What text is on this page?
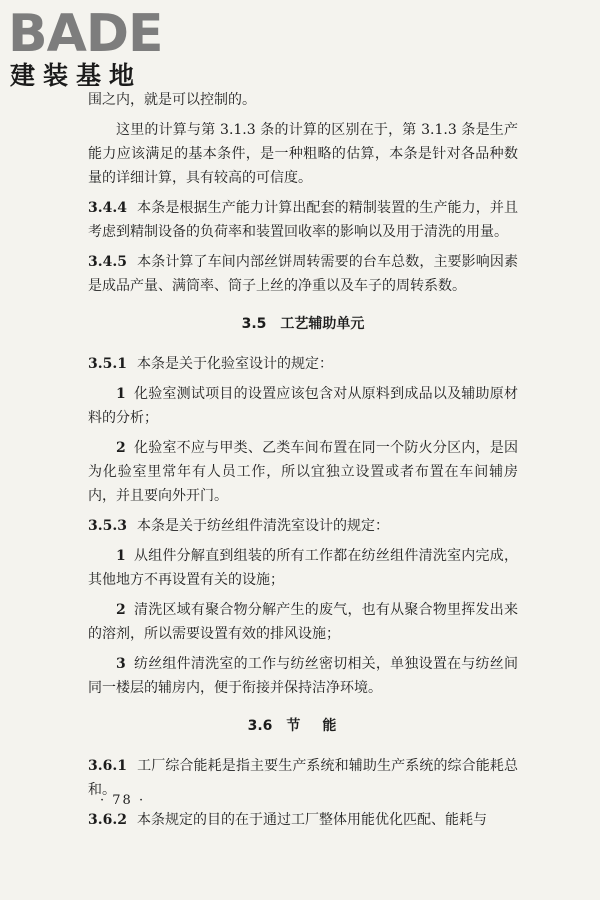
BADE
建装基地

围之内，就是可以控制的。

这里的计算与第 3.1.3 条的计算的区别在于，第 3.1.3 条是生产能力应该满足的基本条件，是一种粗略的估算，本条是针对各品种数量的详细计算，具有较高的可信度。

3.4.4 本条是根据生产能力计算出配套的精制装置的生产能力，并且考虑到精制设备的负荷率和装置回收率的影响以及用于清洗的用量。

3.4.5 本条计算了车间内部丝饼周转需要的台车总数，主要影响因素是成品产量、满筒率、筒子上丝的净重以及车子的周转系数。

3.5 工艺辅助单元

3.5.1 本条是关于化验室设计的规定：

1 化验室测试项目的设置应该包含对从原料到成品以及辅助原材料的分析；

2 化验室不应与甲类、乙类车间布置在同一个防火分区内，是因为化验室里常年有人员工作，所以宜独立设置或者布置在车间辅房内，并且要向外开门。

3.5.3 本条是关于纺丝组件清洗室设计的规定：

1 从组件分解直到组装的所有工作都在纺丝组件清洗室内完成，其他地方不再设置有关的设施；

2 清洗区域有聚合物分解产生的废气，也有从聚合物里挥发出来的溶剂，所以需要设置有效的排风设施；

3 纺丝组件清洗室的工作与纺丝密切相关，单独设置在与纺丝间同一楼层的辅房内，便于衔接并保持洁净环境。

3.6 节能

3.6.1 工厂综合能耗是指主要生产系统和辅助生产系统的综合能耗总和。

3.6.2 本条规定的目的在于通过工厂整体用能优化匹配、能耗与

· 78 ·
